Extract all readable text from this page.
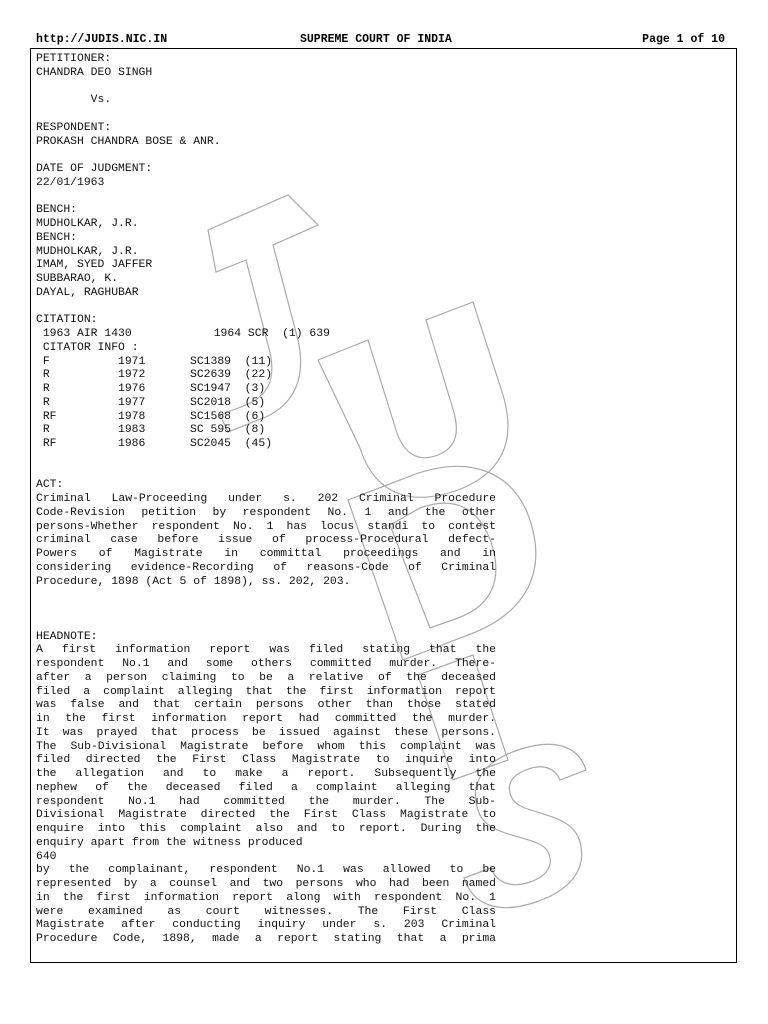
http://JUDIS.NIC.IN	SUPREME COURT OF INDIA	Page 1 of 10
PETITIONER:
CHANDRA DEO SINGH
Vs.
RESPONDENT:
PROKASH CHANDRA BOSE & ANR.
DATE OF JUDGMENT:
22/01/1963
BENCH:
MUDHOLKAR, J.R.
BENCH:
MUDHOLKAR, J.R.
IMAM, SYED JAFFER
SUBBARAO, K.
DAYAL, RAGHUBAR
CITATION:
1963 AIR 1430            1964 SCR  (1) 639
CITATOR INFO :
F	1971	SC1389  (11)
R	1972	SC2639  (22)
R	1976	SC1947  (3)
R	1977	SC2018  (5)
RF	1978	SC1568  (6)
R	1983	SC 595  (8)
RF	1986	SC2045  (45)
ACT:
Criminal Law-Proceeding under s. 202 Criminal Procedure
Code-Revision petition by respondent No. 1 and the other
persons-Whether respondent No. 1 has locus standi to contest
criminal case before issue of process-Procedural defect-
Powers of Magistrate in committal proceedings and in
considering evidence-Recording of reasons-Code of Criminal
Procedure, 1898 (Act 5 of 1898), ss. 202, 203.
HEADNOTE:
A first information report was filed stating that the
respondent No.1 and some others committed murder. There-
after a person claiming to be a relative of the deceased
filed a complaint alleging that the first information report
was false and that certain persons other than those stated
in the first information report had committed the murder.
It was prayed that process be issued against these persons.
The Sub-Divisional Magistrate before whom this complaint was
filed directed the First Class Magistrate to inquire into
the allegation and to make a report. Subsequently the
nephew of the deceased filed a complaint alleging that
respondent No.1 had committed the murder. The Sub-
Divisional Magistrate directed the First Class Magistrate to
enquire into this complaint also and to report. During the
enquiry apart from the witness produced
640
by the complainant, respondent No.1 was allowed to be
represented by a counsel and two persons who had been named
in the first information report along with respondent No. 1
were examined as court witnesses. The First Class
Magistrate after conducting inquiry under s. 203 Criminal
Procedure Code, 1898, made a report stating that a prima
